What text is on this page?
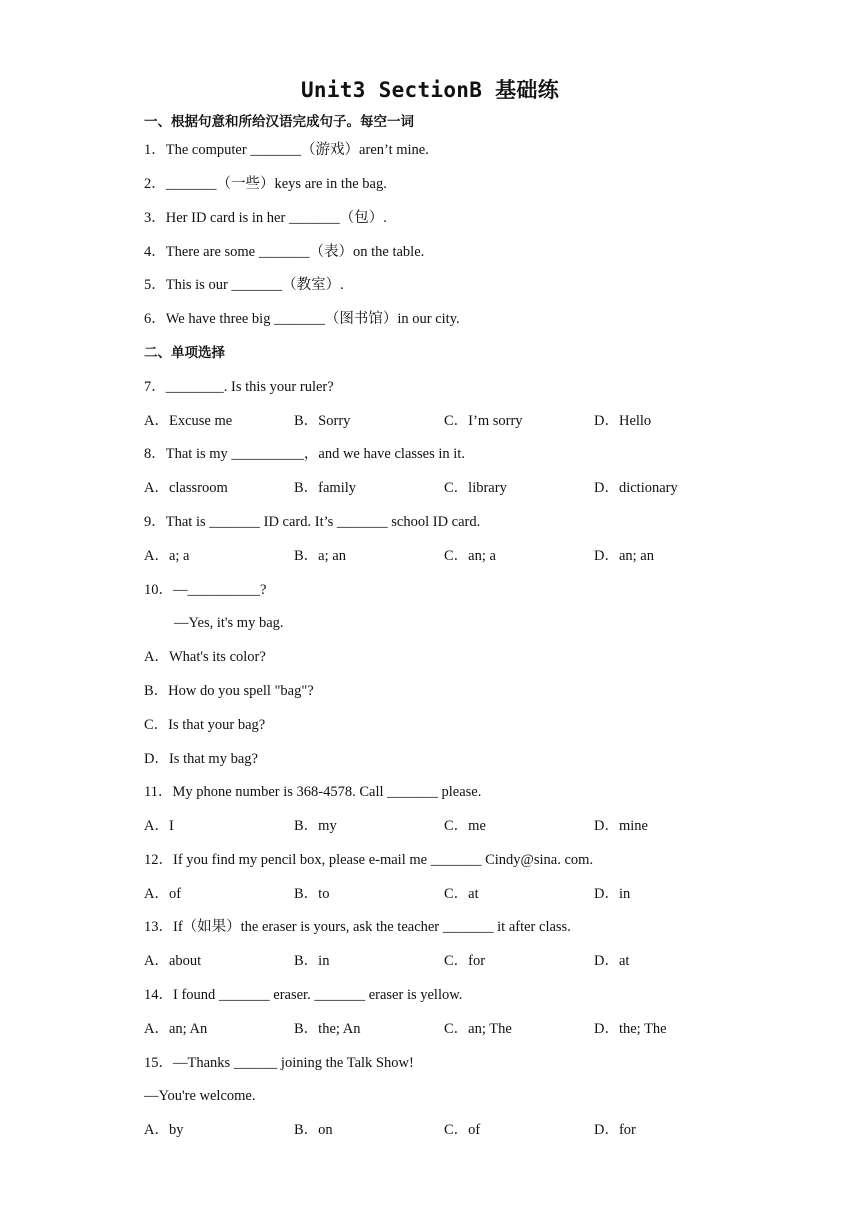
Unit3 SectionB 基础练
一、根据句意和所给汉语完成句子。每空一词
1．The computer _______（游戏）aren’t mine.
2．_______（一些）keys are in the bag.
3．Her ID card is in her _______（包）.
4．There are some _______（表）on the table.
5．This is our _______（教室）.
6．We have three big _______（图书馆）in our city.
二、单项选择
7．________. Is this your ruler?
A．Excuse me	B．Sorry	C．I’m sorry	D．Hello
8．That is my __________，and we have classes in it.
A．classroom	B．family	C．library	D．dictionary
9．That is _______ ID card. It’s _______ school ID card.
A．a; a	B．a; an	C．an; a	D．an; an
10．—__________?
—Yes, it's my bag.
A．What's its color?
B．How do you spell "bag"?
C．Is that your bag?
D．Is that my bag?
11．My phone number is 368-4578. Call _______ please.
A．I	B．my	C．me	D．mine
12．If you find my pencil box, please e-mail me _______ Cindy@sina. com.
A．of	B．to	C．at	D．in
13．If（如果）the eraser is yours, ask the teacher _______ it after class.
A．about	B．in	C．for	D．at
14．I found _______ eraser. _______ eraser is yellow.
A．an; An	B．the; An	C．an; The	D．the; The
15．—Thanks ______ joining the Talk Show!
—You're welcome.
A．by	B．on	C．of	D．for
